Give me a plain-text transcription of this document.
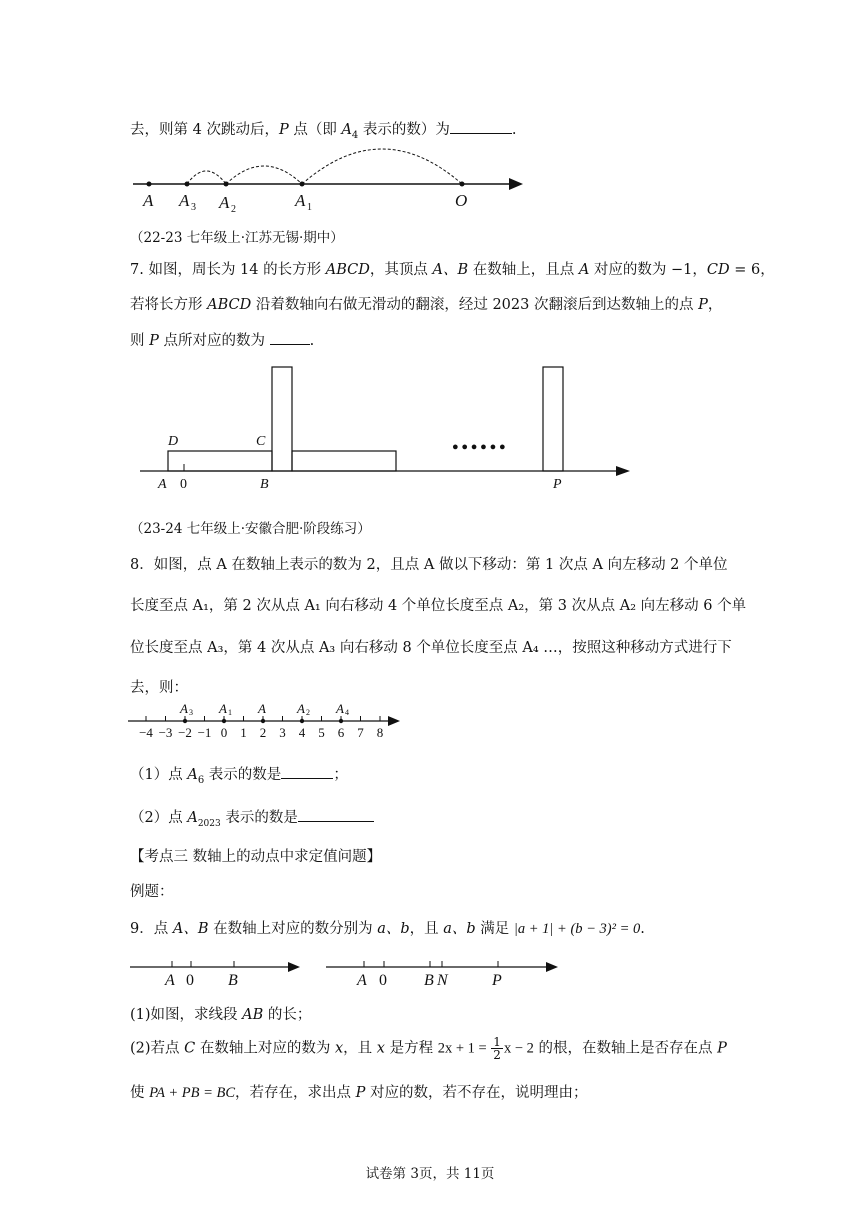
去，则第 4 次跳动后，P 点（即 $A_4$ 表示的数）为	.
A A 3 A 2	A 1	O
（22-23 七年级上·江苏无锡·期中）
7. 如图，周长为 14 的长方形 ABCD，其顶点 A、B 在数轴上，且点 A 对应的数为 −1，CD = 6，
若将长方形 ABCD 沿着数轴向右做无滑动的翻滚，经过 2023 次翻滚后到达数轴上的点 P，
则 P 点所对应的数为	.
D	C
A 0	B	P
● ● ● ● ● ●
（23-24 七年级上·安徽合肥·阶段练习）
8．如图，点 A 在数轴上表示的数为 2，且点 A 做以下移动：第 1 次点 A 向左移动 2 个单位
长度至点 A₁，第 2 次从点 A₁ 向右移动 4 个单位长度至点 A₂，第 3 次从点 A₂ 向左移动 6 个单
位长度至点 A₃，第 4 次从点 A₃ 向右移动 8 个单位长度至点 A₄ …，按照这种移动方式进行下
去，则：
−4 −3 −2 −1 0 1 2 3 4 5 6 7 8
A 3 A 1 A A 2 A 4
（1）点 $A_6$ 表示的数是	；
（2）点 $A_{2023}$ 表示的数是
【考点三 数轴上的动点中求定值问题】
例题：
9．点 A、B 在数轴上对应的数分别为 a、b，且 a、b 满足 |a + 1| + (b − 3)² = 0.
A 0 B	A 0 B N	P
(1)如图，求线段 AB 的长；
(2)若点 C 在数轴上对应的数为 x，且 x 是方程 $2x + 1 = \frac{1}{2}$ x − 2 的根，在数轴上是否存在点 P
使 PA + PB = BC，若存在，求出点 P 对应的数，若不存在，说明理由；
试卷第 3页，共 11页
